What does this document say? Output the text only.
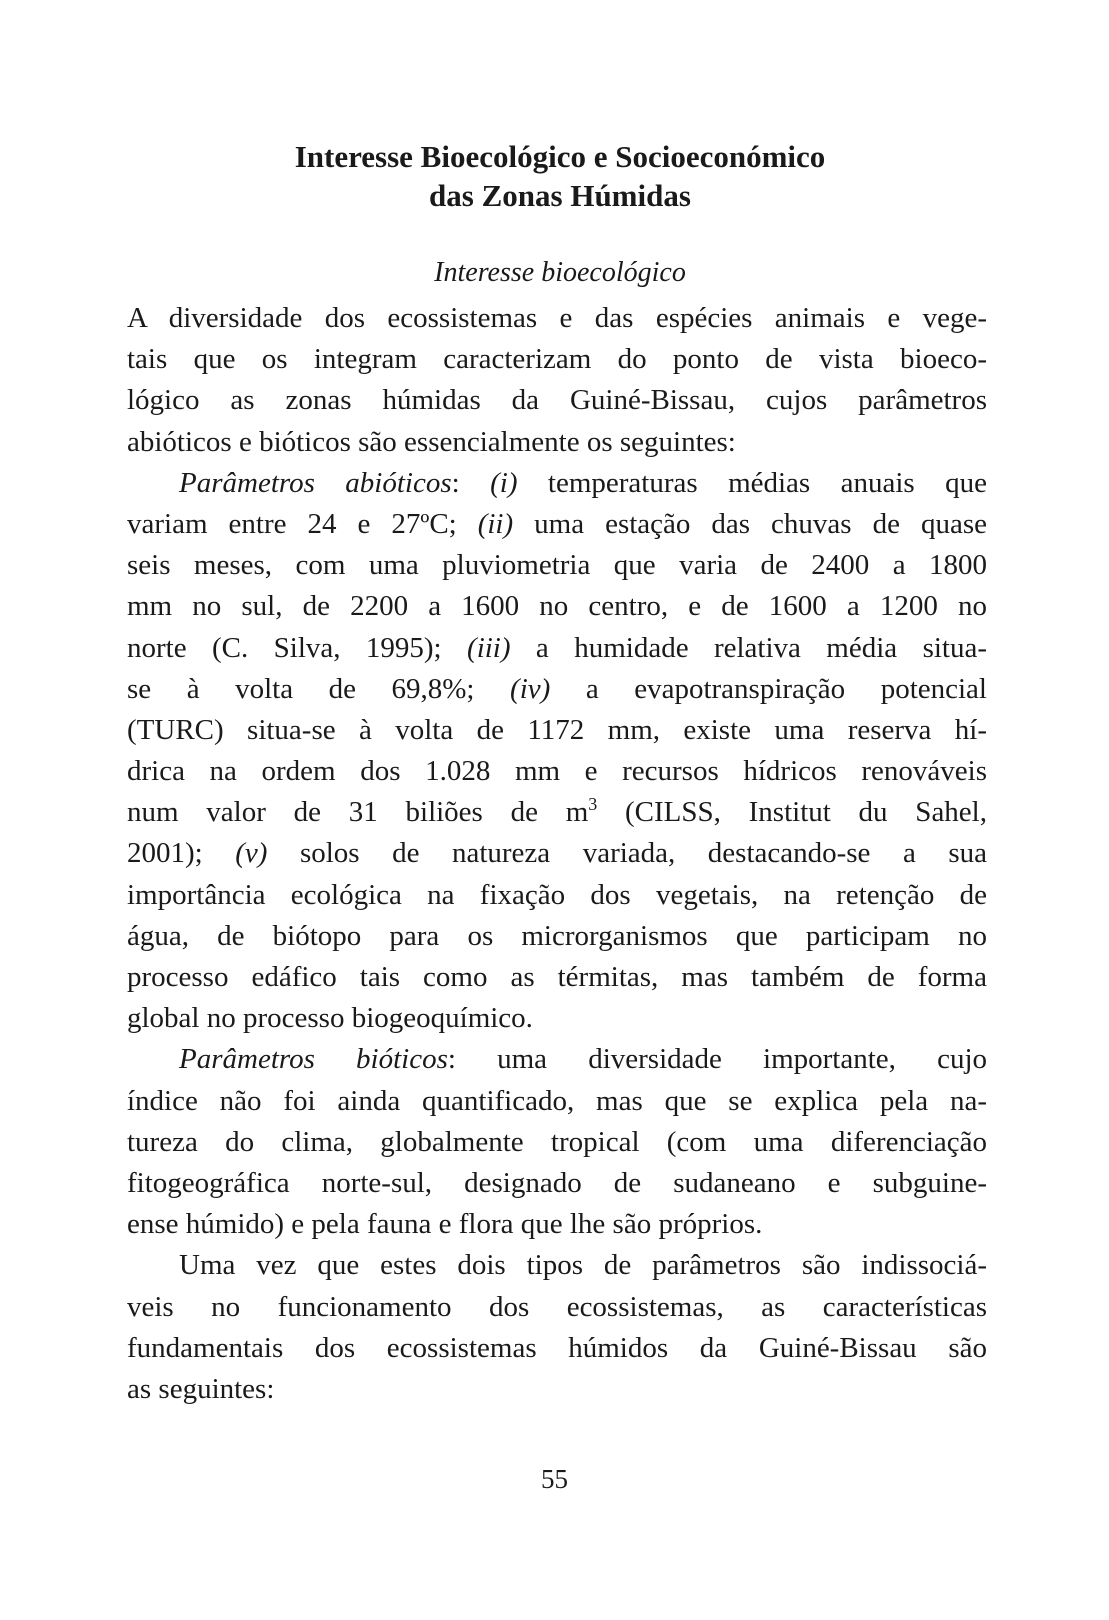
Interesse Bioecológico e Socioeconómico
das Zonas Húmidas
Interesse bioecológico
A diversidade dos ecossistemas e das espécies animais e vege-
tais que os integram caracterizam do ponto de vista bioeco-
lógico as zonas húmidas da Guiné-Bissau, cujos parâmetros
abióticos e bióticos são essencialmente os seguintes:
Parâmetros abióticos: (i) temperaturas médias anuais que
variam entre 24 e 27ºC; (ii) uma estação das chuvas de quase
seis meses, com uma pluviometria que varia de 2400 a 1800
mm no sul, de 2200 a 1600 no centro, e de 1600 a 1200 no
norte (C. Silva, 1995); (iii) a humidade relativa média situa-
se à volta de 69,8%; (iv) a evapotranspiração potencial
(TURC) situa-se à volta de 1172 mm, existe uma reserva hí-
drica na ordem dos 1.028 mm e recursos hídricos renováveis
num valor de 31 biliões de $m^3$ (CILSS, Institut du Sahel,
2001); (v) solos de natureza variada, destacando-se a sua
importância ecológica na fixação dos vegetais, na retenção de
água, de biótopo para os microrganismos que participam no
processo edáfico tais como as térmitas, mas também de forma
global no processo biogeoquímico.
Parâmetros bióticos: uma diversidade importante, cujo
índice não foi ainda quantificado, mas que se explica pela na-
tureza do clima, globalmente tropical (com uma diferenciação
fitogeográfica norte-sul, designado de sudaneano e subguine-
ense húmido) e pela fauna e flora que lhe são próprios.
Uma vez que estes dois tipos de parâmetros são indissociá-
veis no funcionamento dos ecossistemas, as características
fundamentais dos ecossistemas húmidos da Guiné-Bissau são
as seguintes:
55
